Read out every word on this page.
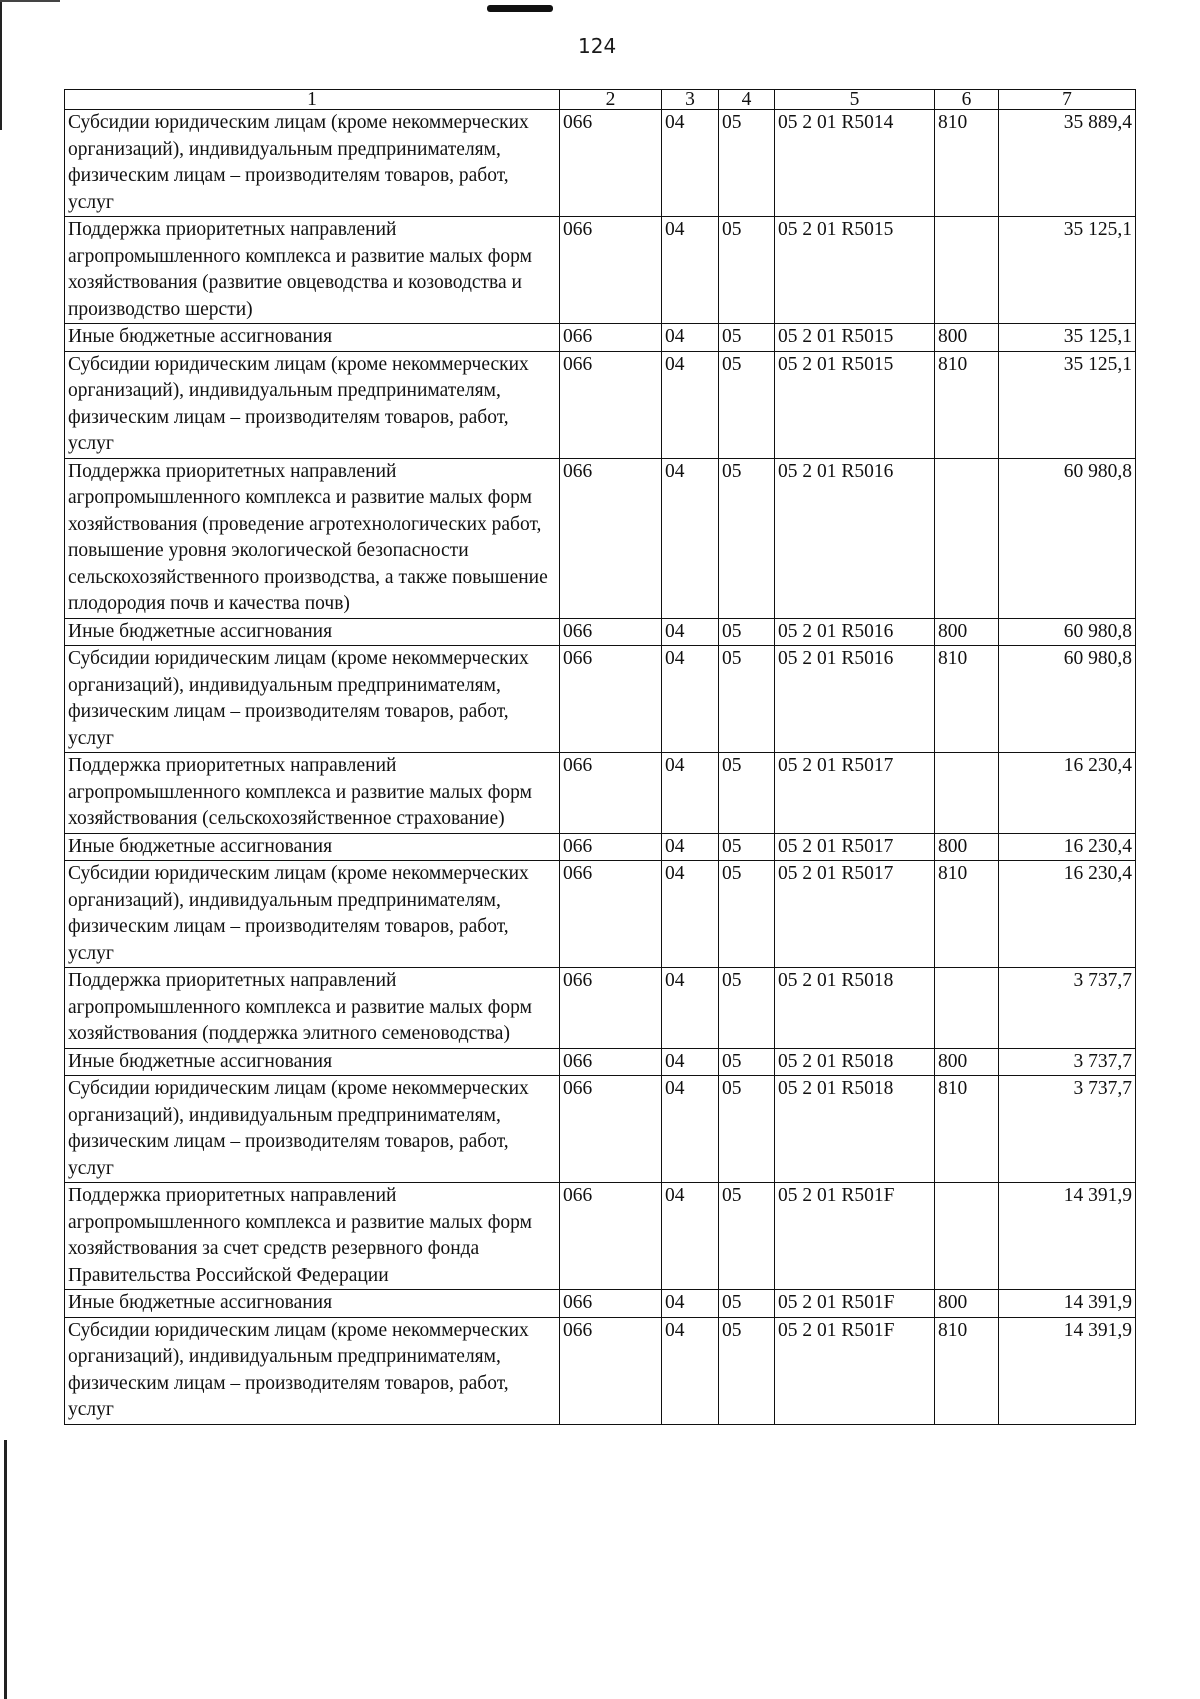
124
1	2	3	4	5	6	7
Субсидии юридическим лицам (кроме некоммерческих организаций), индивидуальным предпринимателям, физическим лицам – производителям товаров, работ, услуг	066	04	05	05 2 01 R5014	810	35 889,4
Поддержка приоритетных направлений агропромышленного комплекса и развитие малых форм хозяйствования (развитие овцеводства и козоводства и производство шерсти)	066	04	05	05 2 01 R5015		35 125,1
Иные бюджетные ассигнования	066	04	05	05 2 01 R5015	800	35 125,1
Субсидии юридическим лицам (кроме некоммерческих организаций), индивидуальным предпринимателям, физическим лицам – производителям товаров, работ, услуг	066	04	05	05 2 01 R5015	810	35 125,1
Поддержка приоритетных направлений агропромышленного комплекса и развитие малых форм хозяйствования (проведение агротехнологических работ, повышение уровня экологической безопасности сельскохозяйственного производства, а также повышение плодородия почв и качества почв)	066	04	05	05 2 01 R5016		60 980,8
Иные бюджетные ассигнования	066	04	05	05 2 01 R5016	800	60 980,8
Субсидии юридическим лицам (кроме некоммерческих организаций), индивидуальным предпринимателям, физическим лицам – производителям товаров, работ, услуг	066	04	05	05 2 01 R5016	810	60 980,8
Поддержка приоритетных направлений агропромышленного комплекса и развитие малых форм хозяйствования (сельскохозяйственное страхование)	066	04	05	05 2 01 R5017		16 230,4
Иные бюджетные ассигнования	066	04	05	05 2 01 R5017	800	16 230,4
Субсидии юридическим лицам (кроме некоммерческих организаций), индивидуальным предпринимателям, физическим лицам – производителям товаров, работ, услуг	066	04	05	05 2 01 R5017	810	16 230,4
Поддержка приоритетных направлений агропромышленного комплекса и развитие малых форм хозяйствования (поддержка элитного семеноводства)	066	04	05	05 2 01 R5018		3 737,7
Иные бюджетные ассигнования	066	04	05	05 2 01 R5018	800	3 737,7
Субсидии юридическим лицам (кроме некоммерческих организаций), индивидуальным предпринимателям, физическим лицам – производителям товаров, работ, услуг	066	04	05	05 2 01 R5018	810	3 737,7
Поддержка приоритетных направлений агропромышленного комплекса и развитие малых форм хозяйствования за счет средств резервного фонда Правительства Российской Федерации	066	04	05	05 2 01 R501F		14 391,9
Иные бюджетные ассигнования	066	04	05	05 2 01 R501F	800	14 391,9
Субсидии юридическим лицам (кроме некоммерческих организаций), индивидуальным предпринимателям, физическим лицам – производителям товаров, работ, услуг	066	04	05	05 2 01 R501F	810	14 391,9
